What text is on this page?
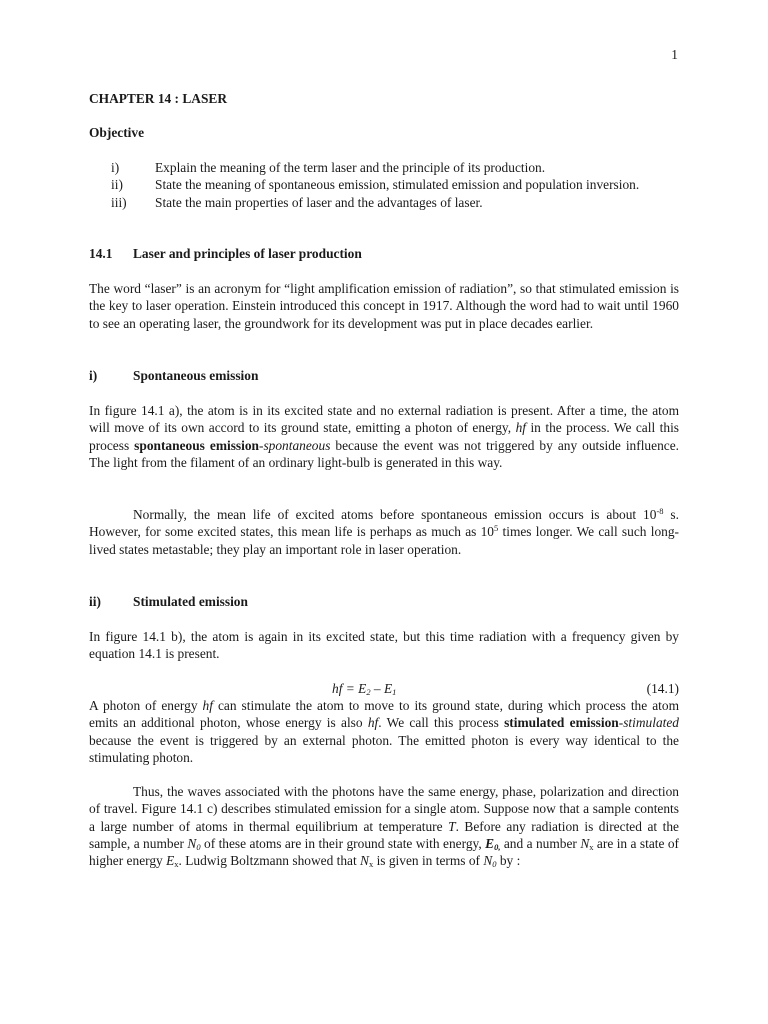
1
CHAPTER 14 : LASER
Objective
i)	Explain the meaning of the term laser and the principle of its production.
ii)	State the meaning of spontaneous emission, stimulated emission and population inversion.
iii)	State the main properties of laser and the advantages of laser.
14.1	Laser and principles of laser production
The word “laser” is an acronym for “light amplification emission of radiation”, so that stimulated emission is the key to laser operation. Einstein introduced this concept in 1917. Although the word had to wait until 1960 to see an operating laser, the groundwork for its development was put in place decades earlier.
i)	Spontaneous emission
In figure 14.1 a), the atom is in its excited state and no external radiation is present. After a time, the atom will move of its own accord to its ground state, emitting a photon of energy, hf in the process. We call this process spontaneous emission-spontaneous because the event was not triggered by any outside influence. The light from the filament of an ordinary light-bulb is generated in this way.
Normally, the mean life of excited atoms before spontaneous emission occurs is about $10^{-8}$ s. However, for some excited states, this mean life is perhaps as much as $10^5$ times longer. We call such long-lived states metastable; they play an important role in laser operation.
ii)	Stimulated emission
In figure 14.1 b), the atom is again in its excited state, but this time radiation with a frequency given by equation 14.1 is present.
hf = $E_2 - E_1$	(14.1)
A photon of energy hf can stimulate the atom to move to its ground state, during which process the atom emits an additional photon, whose energy is also hf. We call this process stimulated emission-stimulated because the event is triggered by an external photon. The emitted photon is every way identical to the stimulating photon.
Thus, the waves associated with the photons have the same energy, phase, polarization and direction of travel. Figure 14.1 c) describes stimulated emission for a single atom. Suppose now that a sample contents a large number of atoms in thermal equilibrium at temperature T. Before any radiation is directed at the sample, a number $N_0$ of these atoms are in their ground state with energy, $E_{0,}$ and a number $N_x$ are in a state of higher energy $E_x$. Ludwig Boltzmann showed that $N_x$ is given in terms of $N_0$ by :
